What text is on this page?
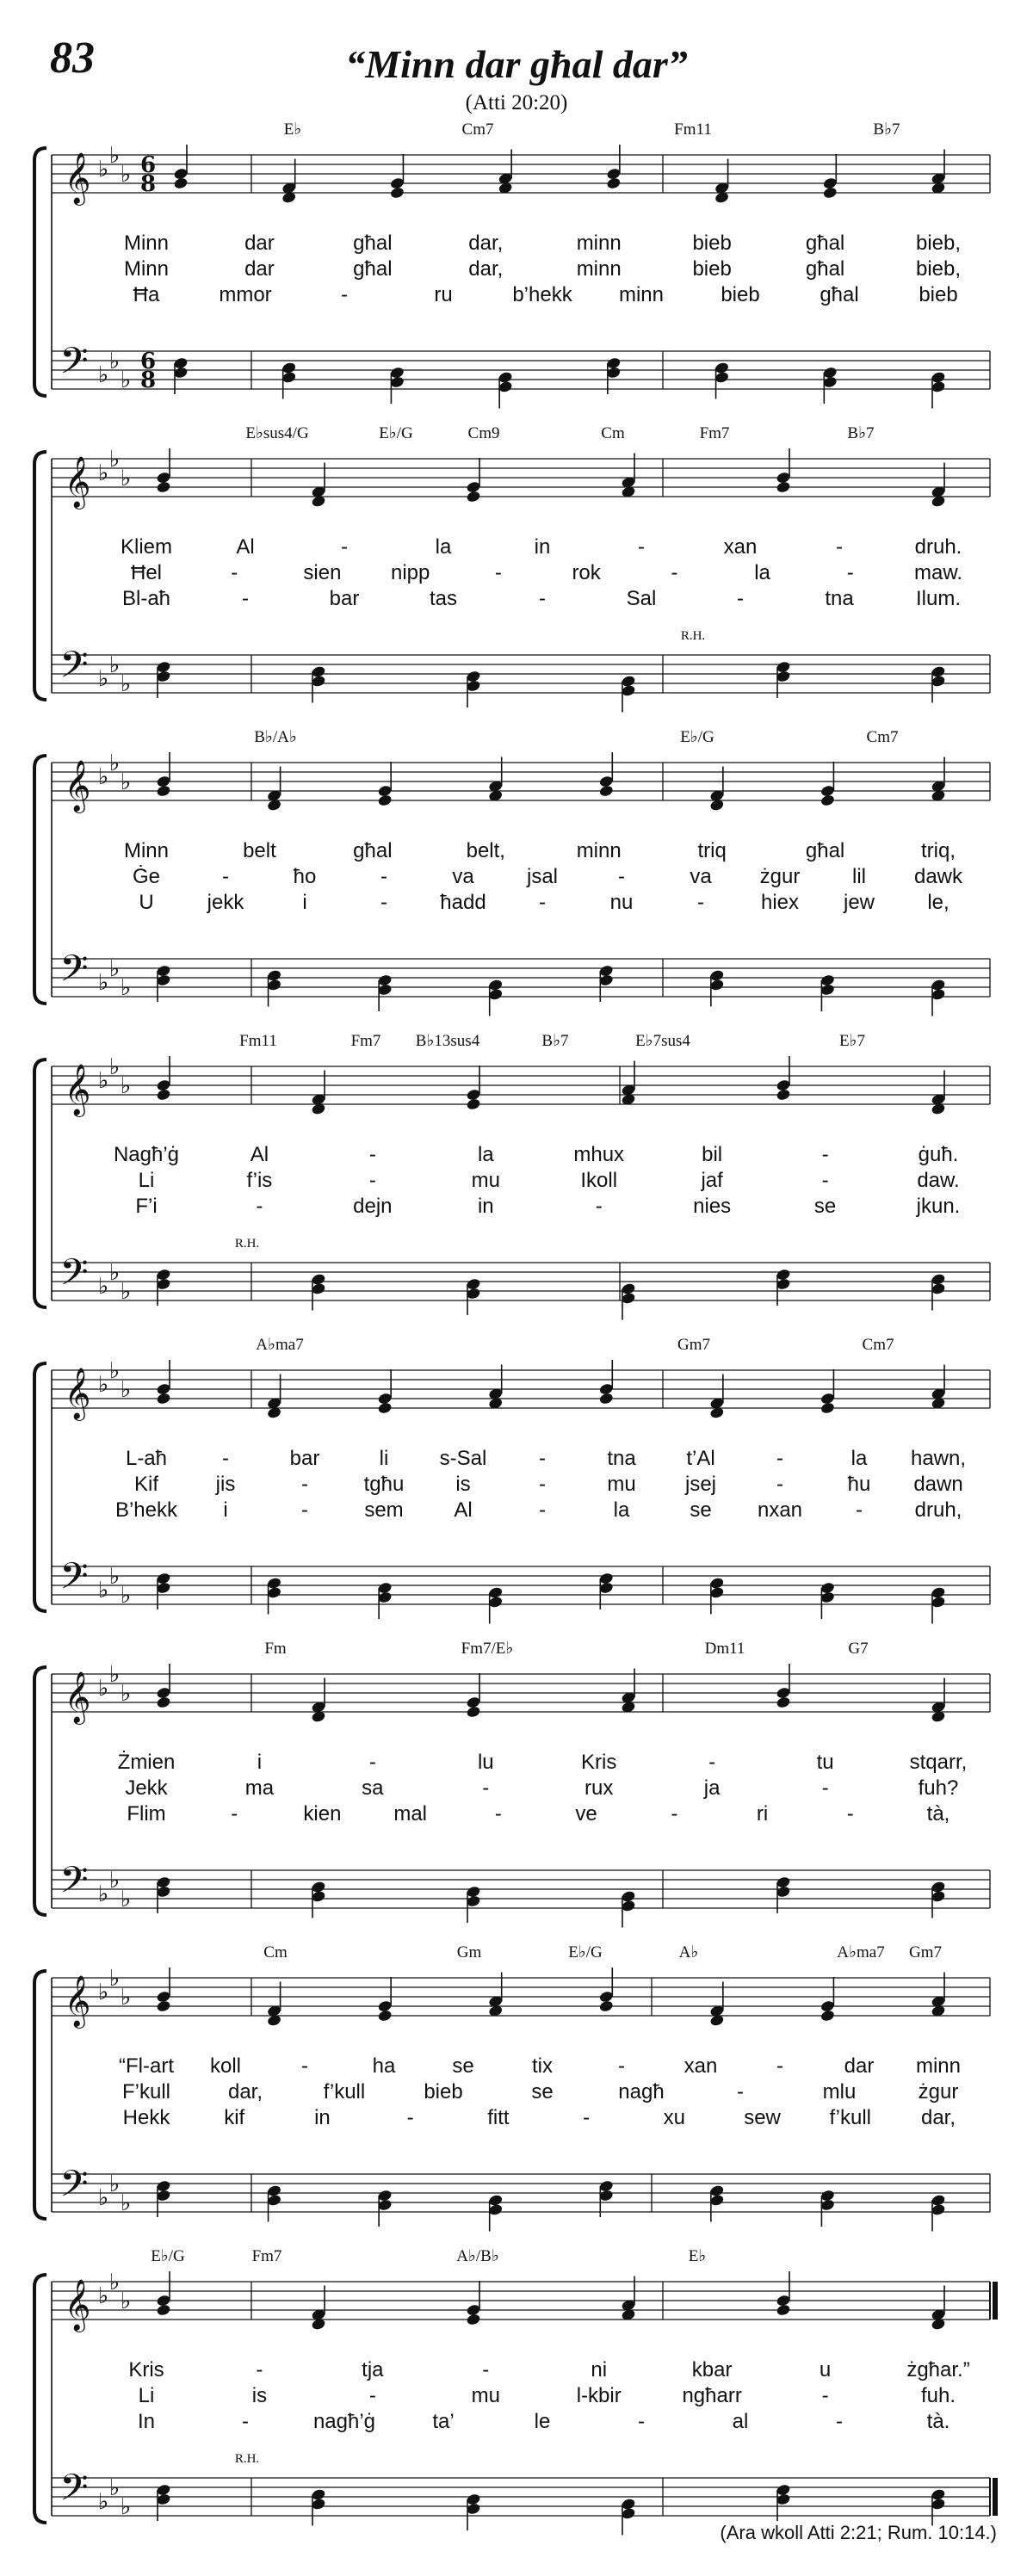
83	“Minn dar għal dar”
(Atti 20:20)
𝄞
𝄢
♭
♭
♭
♭
♭
♭
6
6
8
8
E♭	Cm7	Fm11	B♭7
Minn	dar	għal	dar,	minn	bieb	għal	bieb,
Minn	dar	għal	dar,	minn	bieb	għal	bieb,
Ħa	mmor	-	ru	b’hekk minn	bieb	għal	bieb
𝄞
𝄢
♭
♭
♭
♭
♭
♭
E♭sus4/G	E♭/G	Cm9	Cm	Fm7	B♭7
R.H.
Kliem	Al	-	la	in	-	xan	-	druh.
Ħel	-	sien nipp	-	rok	-	la	-	maw.
Bl-aħ	-	bar	tas	-	Sal	-	tna	Ilum.
𝄞
𝄢
♭
♭
♭
♭
♭
♭
B♭/A♭	E♭/G	Cm7
Minn	belt	għal	belt,	minn	triq	għal	triq,
Ġe	-	ħo	-	va	jsal	-	va żgur	lil dawk
U	jekk	i	-	ħadd	-	nu	-	hiex jew	le,
𝄞
𝄢
♭
♭
♭
♭
♭
♭
Fm11	Fm7 B♭13sus4	B♭7	E♭7sus4	E♭7
R.H.
Nagħ’ġ	Al	-	la	mhux	bil	-	ġuħ.
Li	f’is	-	mu	Ikoll	jaf	-	daw.
F’i	-	dejn	in	-	nies	se	jkun.
𝄞
𝄢
♭
♭
♭
♭
♭
♭
A♭ma7	Gm7	Cm7
L-aħ	-	bar	li s-Sal	-	tna t’Al	-	la hawn,
Kif	jis	-	tgħu is	-	mu jsej	-	ħu dawn
B’hekk i	-	sem Al	-	la	se nxan	-	druh,
𝄞
𝄢
♭
♭
♭
♭
♭
♭
Fm	Fm7/E♭	Dm11	G7
Żmien	i	-	lu	Kris	-	tu	stqarr,
Jekk	ma	sa	-	rux	ja	-	fuh?
Flim	-	kien	mal	-	ve	-	ri	-	tà,
𝄞
𝄢
♭
♭
♭
♭
♭
♭
Cm	Gm	E♭/G	A♭	A♭ma7 Gm7
“Fl-art koll	-	ha	se	tix	-	xan	-	dar minn
F’kull	dar,	f’kull	bieb	se	nagħ	-	mlu	żgur
Hekk	kif	in	-	fitt	-	xu	sew f’kull dar,
𝄞
𝄢
♭
♭
♭
♭
♭
♭
E♭/G	Fm7	A♭/B♭	E♭
R.H.
Kris	-	tja	-	ni	kbar	u	żgħar.”
Li	is	-	mu	l-kbir	ngħarr	-	fuh.
In	-	nagħ’ġ	ta’	le	-	al	-	tà.
(Ara wkoll Atti 2:21; Rum. 10:14.)
